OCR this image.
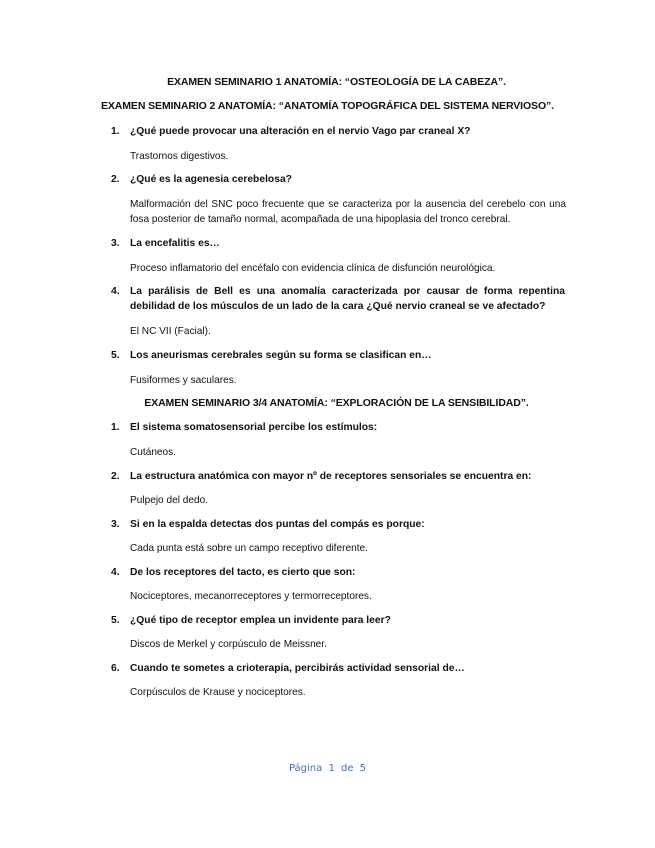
EXAMEN SEMINARIO 1 ANATOMÍA: “OSTEOLOGÍA DE LA CABEZA”.
EXAMEN SEMINARIO 2 ANATOMÍA: “ANATOMÍA TOPOGRÁFICA DEL SISTEMA NERVIOSO”.
1.	¿Qué puede provocar una alteración en el nervio Vago par craneal X?
Trastornos digestivos.
2.	¿Qué es la agenesia cerebelosa?
Malformación del SNC poco frecuente que se caracteriza por la ausencia del cerebelo con una fosa posterior de tamaño normal, acompañada de una hipoplasia del tronco cerebral.
3.	La encefalitis es…
Proceso inflamatorio del encéfalo con evidencia clínica de disfunción neurológica.
4.	La parálisis de Bell es una anomalía caracterizada por causar de forma repentina debilidad de los músculos de un lado de la cara ¿Qué nervio craneal se ve afectado?
El NC VII (Facial).
5.	Los aneurismas cerebrales según su forma se clasifican en…
Fusiformes y saculares.
EXAMEN SEMINARIO 3/4 ANATOMÍA: “EXPLORACIÓN DE LA SENSIBILIDAD”.
1.	El sistema somatosensorial percibe los estímulos:
Cutáneos.
2.	La estructura anatómica con mayor nº de receptores sensoriales se encuentra en:
Pulpejo del dedo.
3.	Si en la espalda detectas dos puntas del compás es porque:
Cada punta está sobre un campo receptivo diferente.
4.	De los receptores del tacto, es cierto que son:
Nociceptores, mecanorreceptores y termorreceptores.
5.	¿Qué tipo de receptor emplea un invidente para leer?
Discos de Merkel y corpúsculo de Meissner.
6.	Cuando te sometes a crioterapia, percibirás actividad sensorial de…
Corpúsculos de Krause y nociceptores.
Página 1 de 5
